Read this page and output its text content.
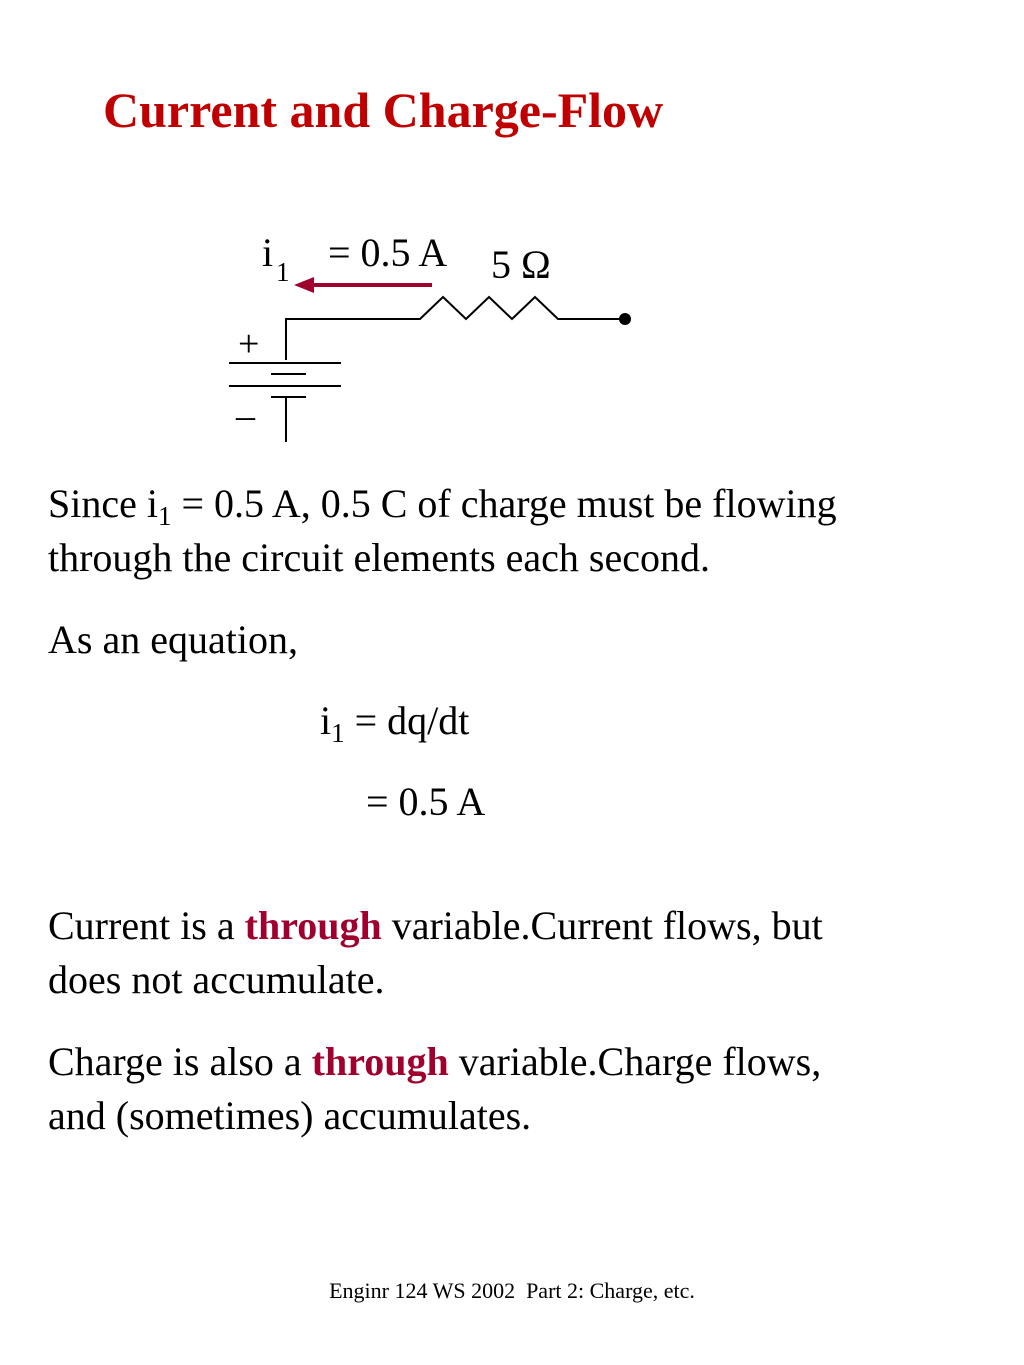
Current and Charge-Flow
i 1 = 0.5 A 5 Ω
+
–
Since $i_1 = 0.5$ A, 0.5 C of charge must be flowing
through the circuit elements each second.
As an equation,
$i_1 = dq/dt$
= 0.5 A
Current is a through variable.Current flows, but
does not accumulate.
Charge is also a through variable.Charge flows,
and (sometimes) accumulates.
Enginr 124 WS 2002  Part 2: Charge, etc.
